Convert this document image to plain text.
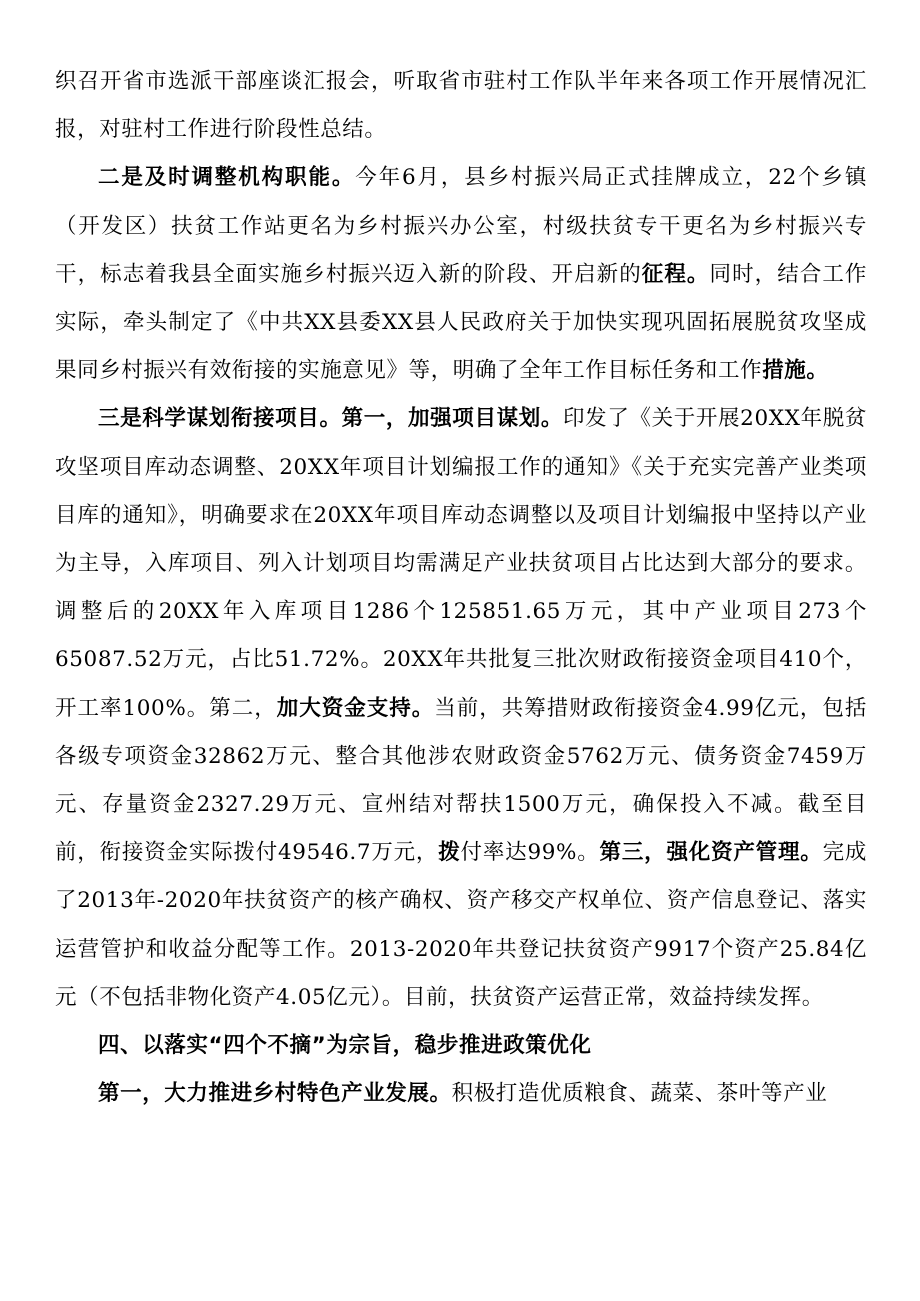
织召开省市选派干部座谈汇报会，听取省市驻村工作队半年来各项工作开展情况汇报，对驻村工作进行阶段性总结。

二是及时调整机构职能。今年6月，县乡村振兴局正式挂牌成立，22个乡镇（开发区）扶贫工作站更名为乡村振兴办公室，村级扶贫专干更名为乡村振兴专干，标志着我县全面实施乡村振兴迈入新的阶段、开启新的征程。同时，结合工作实际，牵头制定了《中共XX县委XX县人民政府关于加快实现巩固拓展脱贫攻坚成果同乡村振兴有效衔接的实施意见》等，明确了全年工作目标任务和工作措施。

三是科学谋划衔接项目。第一，加强项目谋划。印发了《关于开展20XX年脱贫攻坚项目库动态调整、20XX年项目计划编报工作的通知》《关于充实完善产业类项目库的通知》，明确要求在20XX年项目库动态调整以及项目计划编报中坚持以产业为主导，入库项目、列入计划项目均需满足产业扶贫项目占比达到大部分的要求。调整后的20XX年入库项目1286个125851.65万元，其中产业项目273个65087.52万元，占比51.72%。20XX年共批复三批次财政衔接资金项目410个，开工率100%。第二，加大资金支持。当前，共筹措财政衔接资金4.99亿元，包括各级专项资金32862万元、整合其他涉农财政资金5762万元、债务资金7459万元、存量资金2327.29万元、宣州结对帮扶1500万元，确保投入不减。截至目前，衔接资金实际拨付49546.7万元，拨付率达99%。第三，强化资产管理。完成了2013年-2020年扶贫资产的核产确权、资产移交产权单位、资产信息登记、落实运营管护和收益分配等工作。2013-2020年共登记扶贫资产9917个资产25.84亿元（不包括非物化资产4.05亿元）。目前，扶贫资产运营正常，效益持续发挥。

四、以落实“四个不摘”为宗旨，稳步推进政策优化

第一，大力推进乡村特色产业发展。积极打造优质粮食、蔬菜、茶叶等产业
